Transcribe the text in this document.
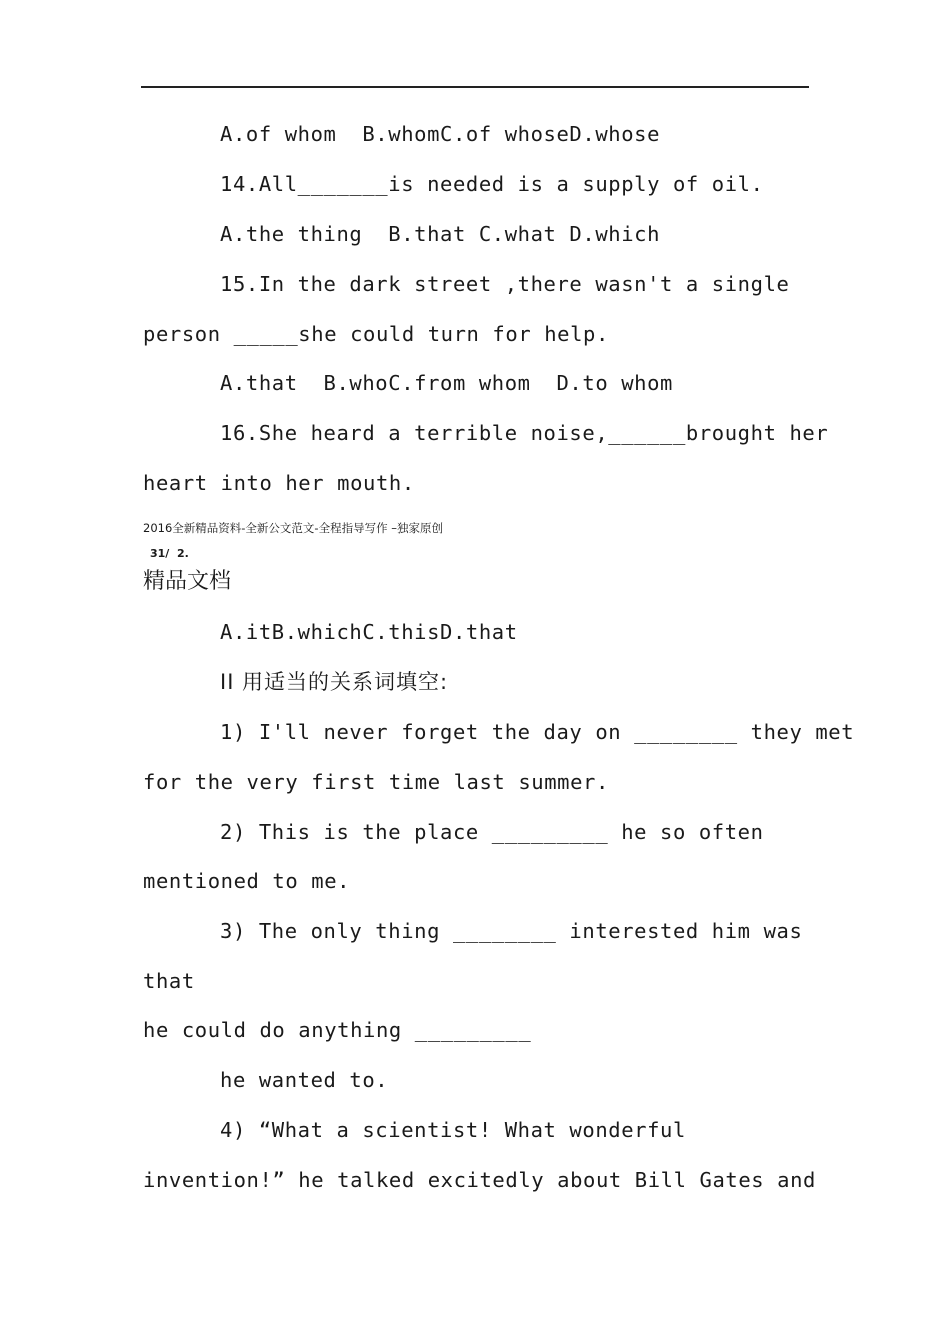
A.of whom  B.whomC.of whoseD.whose
14.All_______is needed is a supply of oil.
A.the thing  B.that C.what D.which
15.In the dark street ,there wasn't a single
person _____she could turn for help.
A.that  B.whoC.from whom  D.to whom
16.She heard a terrible noise,______brought her
heart into her mouth.
2016全新精品资料-全新公文范文-全程指导写作 –独家原创
31/  2.
精品文档
A.itB.whichC.thisD.that
II 用适当的关系词填空:
1) I'll never forget the day on ________ they met
for the very first time last summer.
2) This is the place _________ he so often
mentioned to me.
3) The only thing ________ interested him was
that
he could do anything _________
he wanted to.
4) “What a scientist! What wonderful
invention!” he talked excitedly about Bill Gates and
